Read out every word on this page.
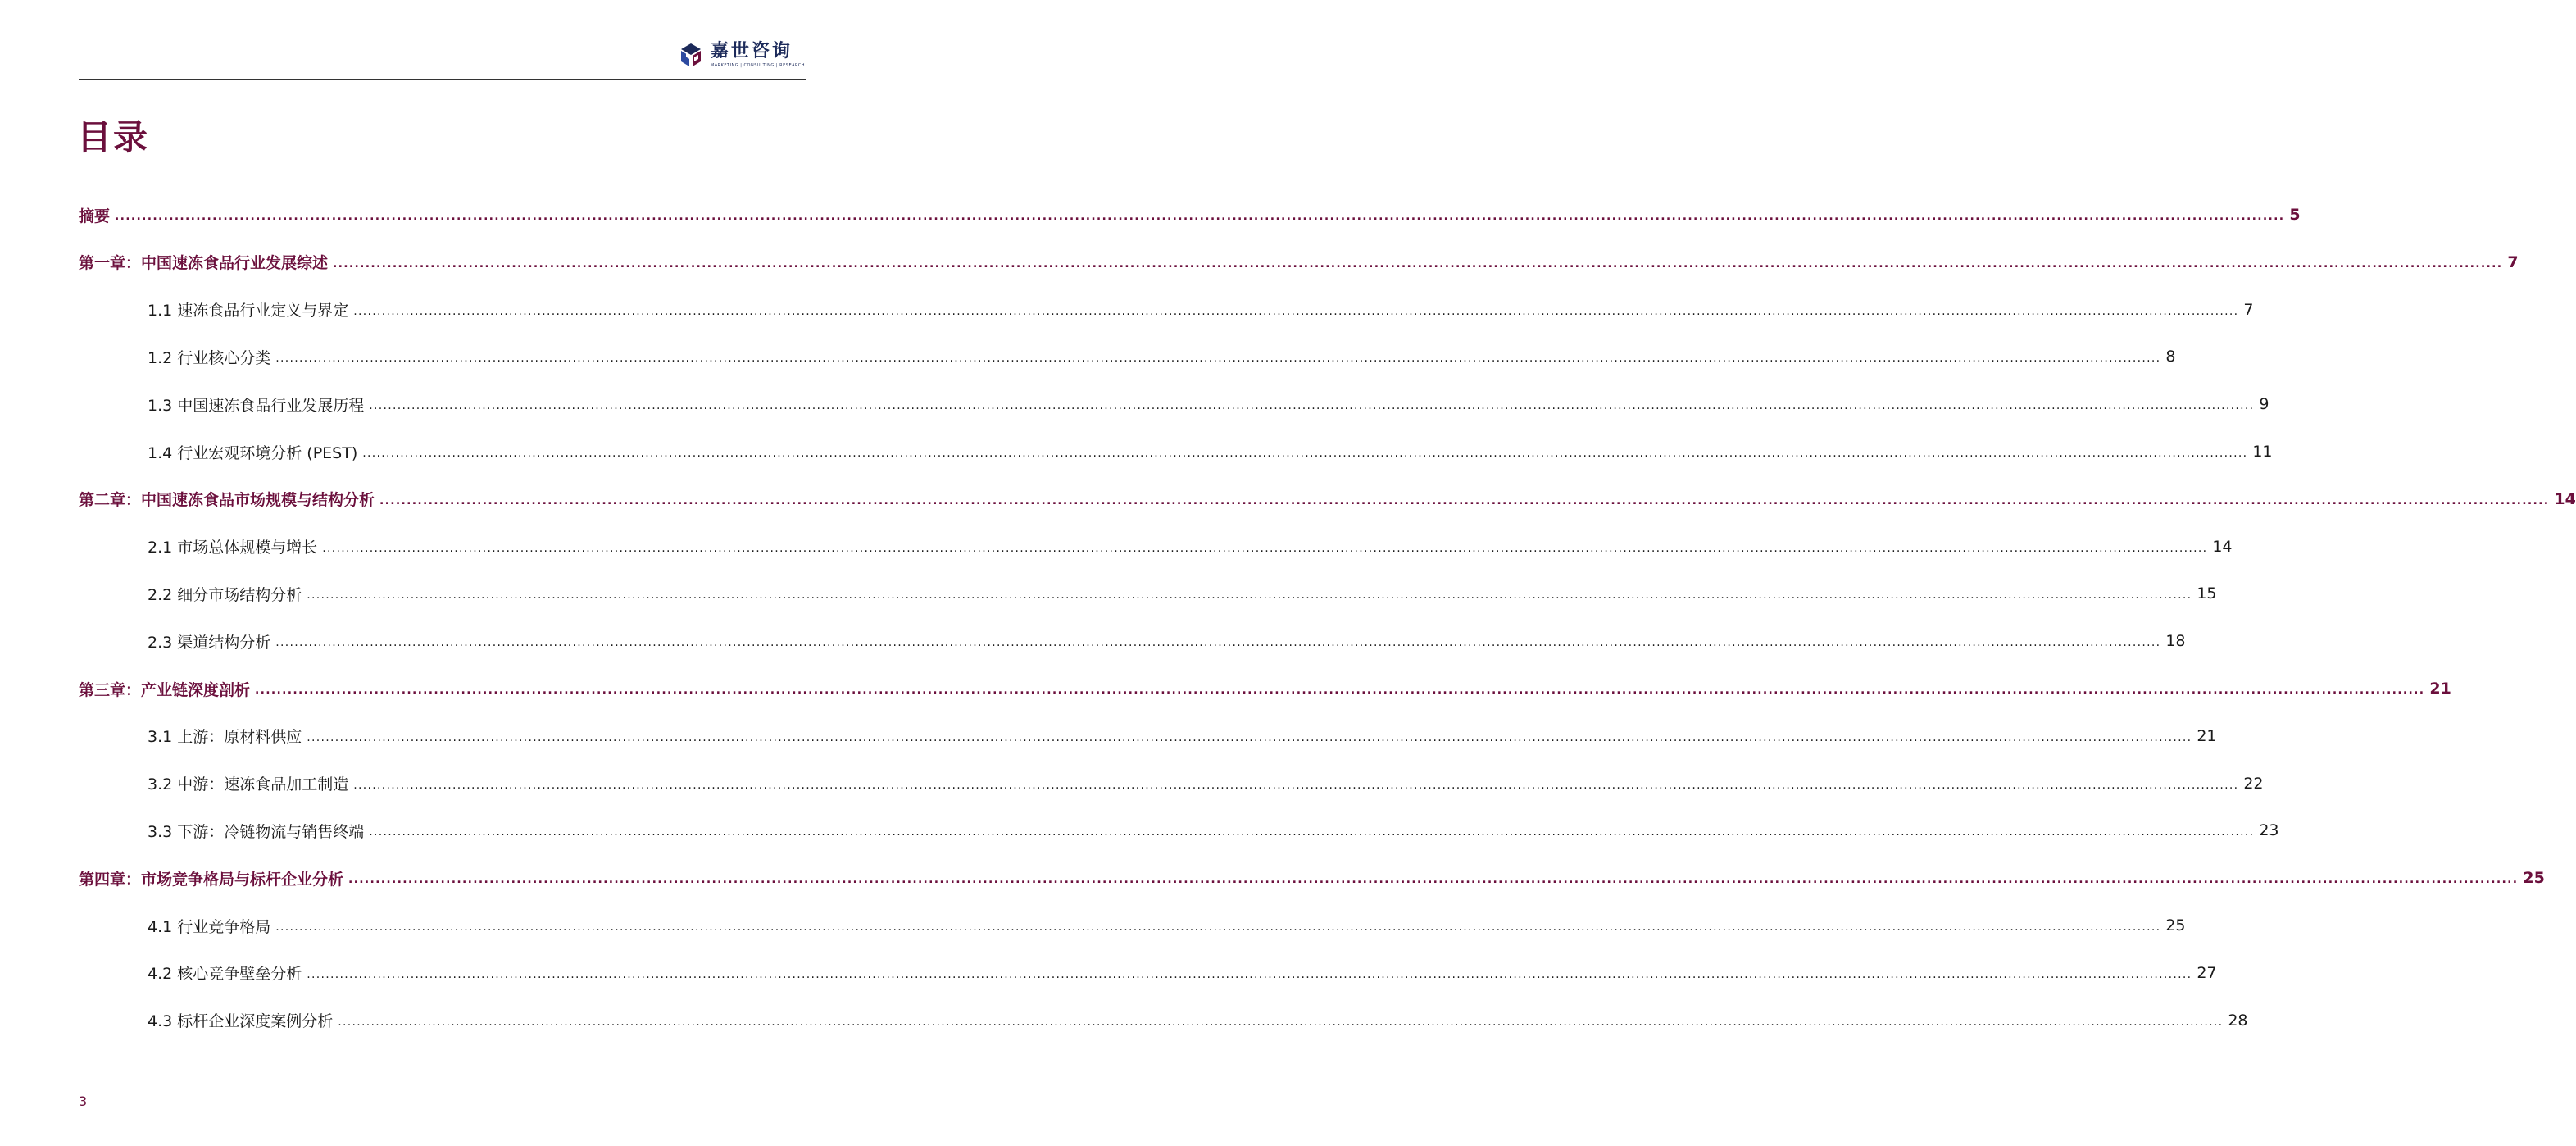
嘉世咨询
MARKETING | CONSULTING | RESEARCH
目录
摘要 ................................................................................................................................................................................................................................................................................................................................................................................................................ 5
第一章：中国速冻食品行业发展综述 ................................................................................................................................................................................................................................................................................................................................................................................................................ 7
1.1 速冻食品行业定义与界定 ................................................................................................................................................................................................................................................................................................................................................................................................................ 7
1.2 行业核心分类 ................................................................................................................................................................................................................................................................................................................................................................................................................ 8
1.3 中国速冻食品行业发展历程 ................................................................................................................................................................................................................................................................................................................................................................................................................ 9
1.4 行业宏观环境分析 (PEST) ................................................................................................................................................................................................................................................................................................................................................................................................................ 11
第二章：中国速冻食品市场规模与结构分析 ................................................................................................................................................................................................................................................................................................................................................................................................................ 14
2.1 市场总体规模与增长 ................................................................................................................................................................................................................................................................................................................................................................................................................ 14
2.2 细分市场结构分析 ................................................................................................................................................................................................................................................................................................................................................................................................................ 15
2.3 渠道结构分析 ................................................................................................................................................................................................................................................................................................................................................................................................................ 18
第三章：产业链深度剖析 ................................................................................................................................................................................................................................................................................................................................................................................................................ 21
3.1 上游：原材料供应 ................................................................................................................................................................................................................................................................................................................................................................................................................ 21
3.2 中游：速冻食品加工制造 ................................................................................................................................................................................................................................................................................................................................................................................................................ 22
3.3 下游：冷链物流与销售终端 ................................................................................................................................................................................................................................................................................................................................................................................................................ 23
第四章：市场竞争格局与标杆企业分析 ................................................................................................................................................................................................................................................................................................................................................................................................................ 25
4.1 行业竞争格局 ................................................................................................................................................................................................................................................................................................................................................................................................................ 25
4.2 核心竞争壁垒分析 ................................................................................................................................................................................................................................................................................................................................................................................................................ 27
4.3 标杆企业深度案例分析 ................................................................................................................................................................................................................................................................................................................................................................................................................ 28
3
